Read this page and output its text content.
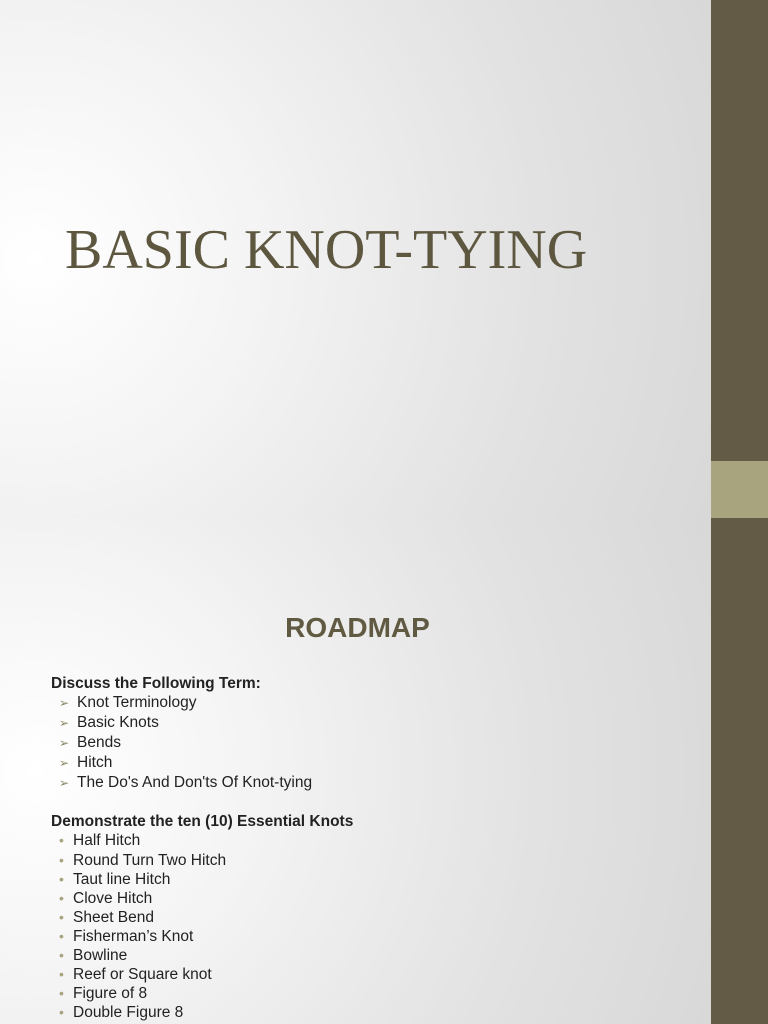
BASIC KNOT-TYING
ROADMAP

Discuss the Following Term:

➢ Knot Terminology
➢ Basic Knots
➢ Bends
➢ Hitch
➢ The Do's And Don'ts Of Knot-tying

Demonstrate the ten (10) Essential Knots

• Half Hitch
• Round Turn Two Hitch
• Taut line Hitch
• Clove Hitch
• Sheet Bend
• Fisherman’s Knot
• Bowline
• Reef or Square knot
• Figure of 8
• Double Figure 8
